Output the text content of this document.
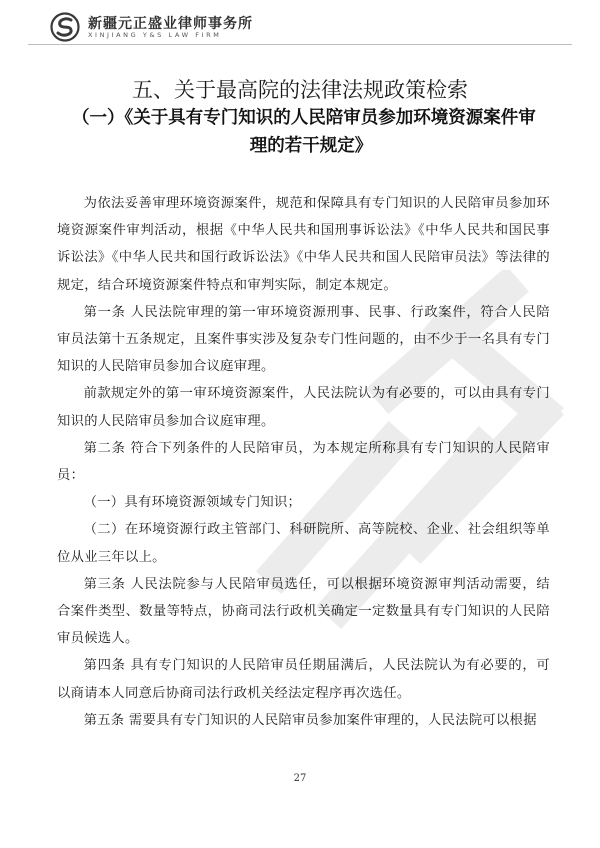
新疆元正盛业律师事务所
XINJIANG Y&S LAW FIRM
五、关于最高院的法律法规政策检索
（一）《关于具有专门知识的人民陪审员参加环境资源案件审
理的若干规定》

为依法妥善审理环境资源案件，规范和保障具有专门知识的人民陪审员参加环境资源案件审判活动，根据《中华人民共和国刑事诉讼法》《中华人民共和国民事诉讼法》《中华人民共和国行政诉讼法》《中华人民共和国人民陪审员法》等法律的规定，结合环境资源案件特点和审判实际，制定本规定。

第一条 人民法院审理的第一审环境资源刑事、民事、行政案件，符合人民陪审员法第十五条规定，且案件事实涉及复杂专门性问题的，由不少于一名具有专门知识的人民陪审员参加合议庭审理。

前款规定外的第一审环境资源案件，人民法院认为有必要的，可以由具有专门知识的人民陪审员参加合议庭审理。

第二条 符合下列条件的人民陪审员，为本规定所称具有专门知识的人民陪审员：

（一）具有环境资源领域专门知识；

（二）在环境资源行政主管部门、科研院所、高等院校、企业、社会组织等单位从业三年以上。

第三条 人民法院参与人民陪审员选任，可以根据环境资源审判活动需要，结合案件类型、数量等特点，协商司法行政机关确定一定数量具有专门知识的人民陪审员候选人。

第四条 具有专门知识的人民陪审员任期届满后，人民法院认为有必要的，可以商请本人同意后协商司法行政机关经法定程序再次选任。

第五条 需要具有专门知识的人民陪审员参加案件审理的，人民法院可以根据

27
